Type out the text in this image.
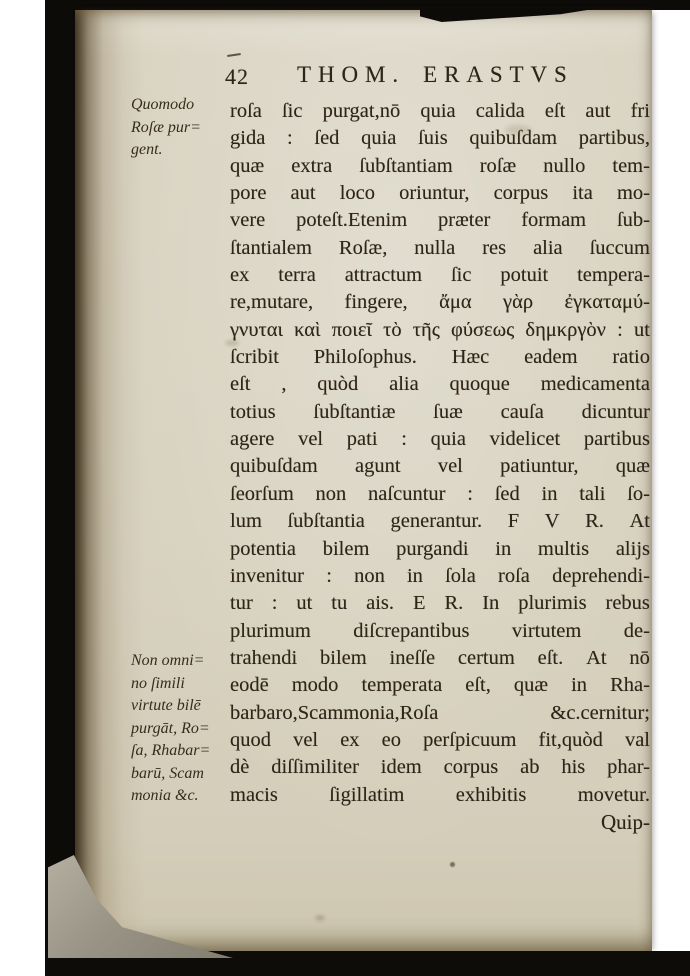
42 THOM. ERASTVS
Quomodo
Roſæ pur=
gent.
Non omni=
no ſimili
virtute bilē
purgāt, Ro=
ſa, Rhabar=
barū, Scam
monia &c.
roſa ſic purgat,nō quia calida eſt aut fri
gida : ſed quia ſuis quibuſdam partibus,
quæ extra ſubſtantiam roſæ nullo tem-
pore aut loco oriuntur, corpus ita mo-
vere poteſt.Etenim præter formam ſub-
ſtantialem Roſæ, nulla res alia ſuccum
ex terra attractum ſic potuit tempera-
re,mutare, fingere, ἄμα γὰρ ἐγκαταμύ-
γνυται καὶ ποιεῖ τὸ τῆς φύσεως δημκργὸν : ut
ſcribit Philoſophus. Hæc eadem ratio
eſt , quòd alia quoque medicamenta
totius ſubſtantiæ ſuæ cauſa dicuntur
agere vel pati : quia videlicet partibus
quibuſdam agunt vel patiuntur, quæ
ſeorſum non naſcuntur : ſed in tali ſo-
lum ſubſtantia generantur. F V R. At
potentia bilem purgandi in multis alijs
invenitur : non in ſola roſa deprehendi-
tur : ut tu ais. E R. In plurimis rebus
plurimum diſcrepantibus virtutem de-
trahendi bilem ineſſe certum eſt. At nō
eodē modo temperata eſt, quæ in Rha-
barbaro,Scammonia,Roſa	&c.cernitur;
quod vel ex eo perſpicuum fit,quòd val
dè diſſimiliter idem corpus ab his phar-
macis	ſigillatim	exhibitis	movetur.
Quip-
